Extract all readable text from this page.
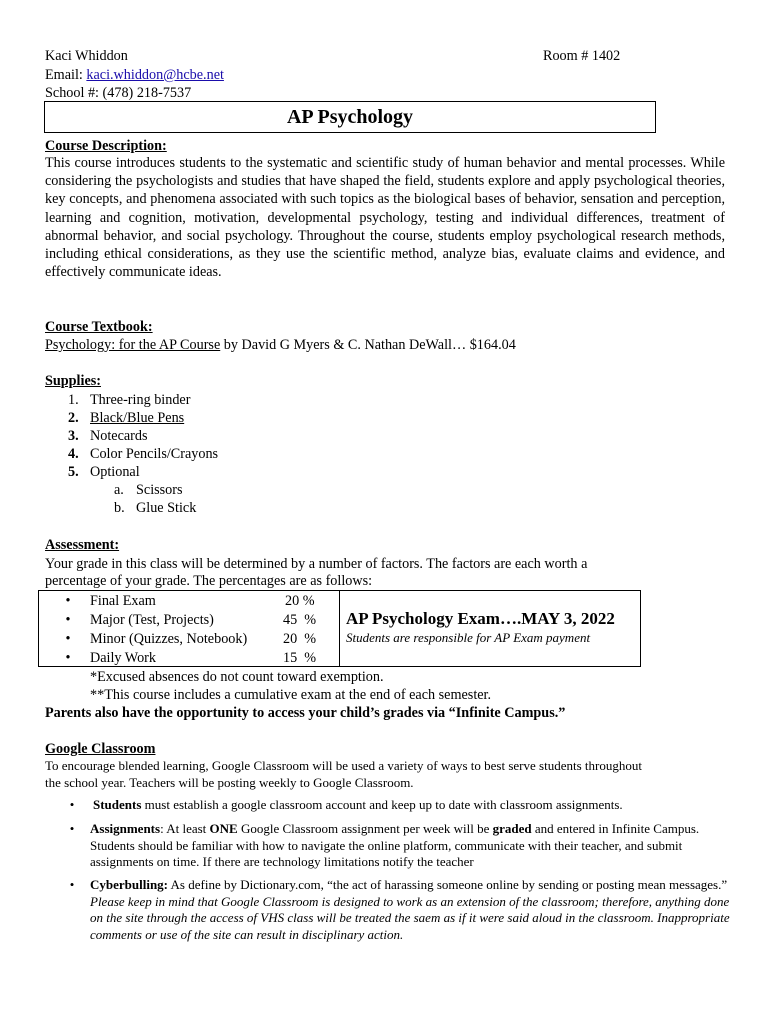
Kaci Whiddon	Room # 1402
Email: kaci.whiddon@hcbe.net
School #: (478) 218-7537
AP Psychology
Course Description:
This course introduces students to the systematic and scientific study of human behavior and mental processes. While considering the psychologists and studies that have shaped the field, students explore and apply psychological theories, key concepts, and phenomena associated with such topics as the biological bases of behavior, sensation and perception, learning and cognition, motivation, developmental psychology, testing and individual differences, treatment of abnormal behavior, and social psychology. Throughout the course, students employ psychological research methods, including ethical considerations, as they use the scientific method, analyze bias, evaluate claims and evidence, and effectively communicate ideas.
Course Textbook:
Psychology: for the AP Course by David G Myers & C. Nathan DeWall… $164.04
Supplies:
1. Three-ring binder
2. Black/Blue Pens
3. Notecards
4. Color Pencils/Crayons
5. Optional
a. Scissors
b. Glue Stick
Assessment:
Your grade in this class will be determined by a number of factors. The factors are each worth a
percentage of your grade. The percentages are as follows:
• Final Exam	20 %
• Major (Test, Projects)	45  %
• Minor (Quizzes, Notebook)	20  %
• Daily Work	15  %
AP Psychology Exam….MAY 3, 2022
Students are responsible for AP Exam payment
*Excused absences do not count toward exemption.
**This course includes a cumulative exam at the end of each semester.
Parents also have the opportunity to access your child’s grades via “Infinite Campus.”
Google Classroom
To encourage blended learning, Google Classroom will be used a variety of ways to best serve students throughout
the school year. Teachers will be posting weekly to Google Classroom.
• Students must establish a google classroom account and keep up to date with classroom assignments.
• Assignments: At least ONE Google Classroom assignment per week will be graded and entered in Infinite Campus. Students should be familiar with how to navigate the online platform, communicate with their teacher, and submit assignments on time. If there are technology limitations notify the teacher
• Cyberbulling: As define by Dictionary.com, “the act of harassing someone online by sending or posting mean messages.” Please keep in mind that Google Classroom is designed to work as an extension of the classroom; therefore, anything done on the site through the access of VHS class will be treated the saem as if it were said aloud in the classroom. Inappropriate comments or use of the site can result in disciplinary action.
